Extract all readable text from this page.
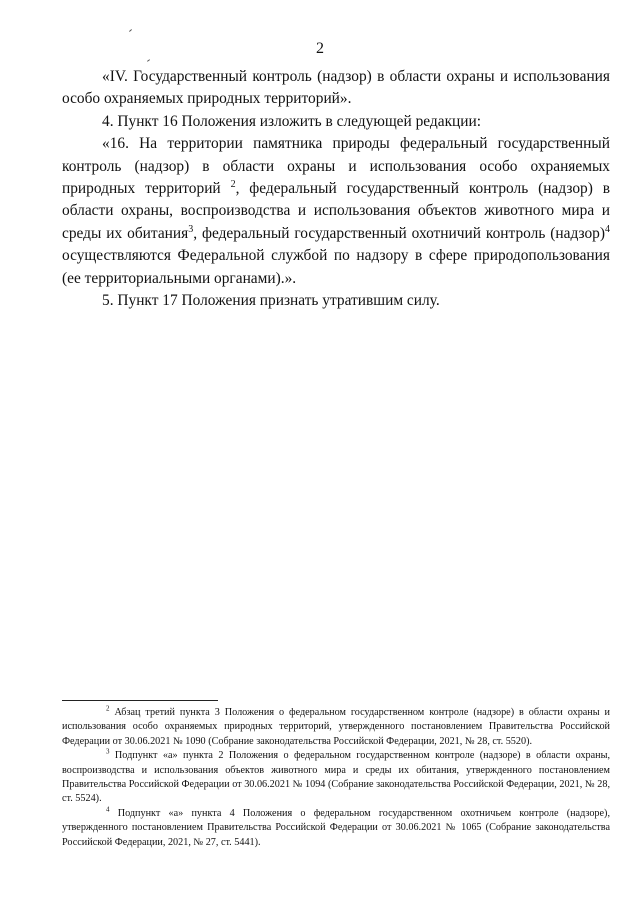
2

«IV. Государственный контроль (надзор) в области охраны и использования особо охраняемых природных территорий».

4. Пункт 16 Положения изложить в следующей редакции:

«16. На территории памятника природы федеральный государственный контроль (надзор) в области охраны и использования особо охраняемых природных территорий $^2$, федеральный государственный контроль (надзор) в области охраны, воспроизводства и использования объектов животного мира и среды их обитания$^3$, федеральный государственный охотничий контроль (надзор)$^4$ осуществляются Федеральной службой по надзору в сфере природопользования (ее территориальными органами).».

5. Пункт 17 Положения признать утратившим силу.

$^2$ Абзац третий пункта 3 Положения о федеральном государственном контроле (надзоре) в области охраны и использования особо охраняемых природных территорий, утвержденного постановлением Правительства Российской Федерации от 30.06.2021 № 1090 (Собрание законодательства Российской Федерации, 2021, № 28, ст. 5520).

$^3$ Подпункт «а» пункта 2 Положения о федеральном государственном контроле (надзоре) в области охраны, воспроизводства и использования объектов животного мира и среды их обитания, утвержденного постановлением Правительства Российской Федерации от 30.06.2021 № 1094 (Собрание законодательства Российской Федерации, 2021, № 28, ст. 5524).

$^4$ Подпункт «а» пункта 4 Положения о федеральном государственном охотничьем контроле (надзоре), утвержденного постановлением Правительства Российской Федерации от 30.06.2021 № 1065 (Собрание законодательства Российской Федерации, 2021, № 27, ст. 5441).
